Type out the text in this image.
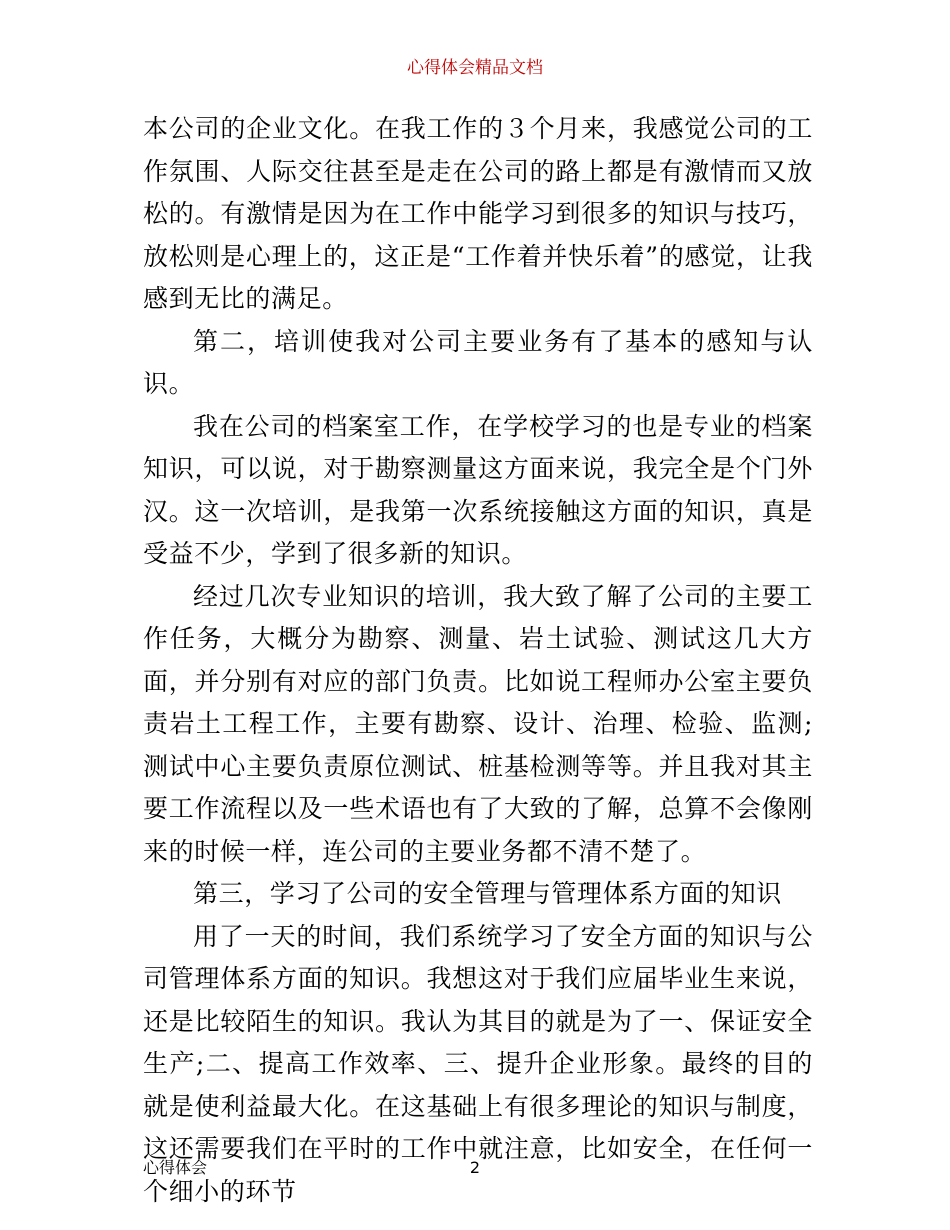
心得体会精品文档

本公司的企业文化。在我工作的３个月来，我感觉公司的工作氛围、人际交往甚至是走在公司的路上都是有激情而又放松的。有激情是因为在工作中能学习到很多的知识与技巧，放松则是心理上的，这正是“工作着并快乐着”的感觉，让我感到无比的满足。

第二，培训使我对公司主要业务有了基本的感知与认识。

我在公司的档案室工作，在学校学习的也是专业的档案知识，可以说，对于勘察测量这方面来说，我完全是个门外汉。这一次培训，是我第一次系统接触这方面的知识，真是受益不少，学到了很多新的知识。

经过几次专业知识的培训，我大致了解了公司的主要工作任务，大概分为勘察、测量、岩土试验、测试这几大方面，并分别有对应的部门负责。比如说工程师办公室主要负责岩土工程工作，主要有勘察、设计、治理、检验、监测;测试中心主要负责原位测试、桩基检测等等。并且我对其主要工作流程以及一些术语也有了大致的了解，总算不会像刚来的时候一样，连公司的主要业务都不清不楚了。

第三，学习了公司的安全管理与管理体系方面的知识

用了一天的时间，我们系统学习了安全方面的知识与公司管理体系方面的知识。我想这对于我们应届毕业生来说，还是比较陌生的知识。我认为其目的就是为了一、保证安全生产;二、提高工作效率、三、提升企业形象。最终的目的就是使利益最大化。在这基础上有很多理论的知识与制度，这还需要我们在平时的工作中就注意，比如安全，在任何一个细小的环节

心得体会	2
